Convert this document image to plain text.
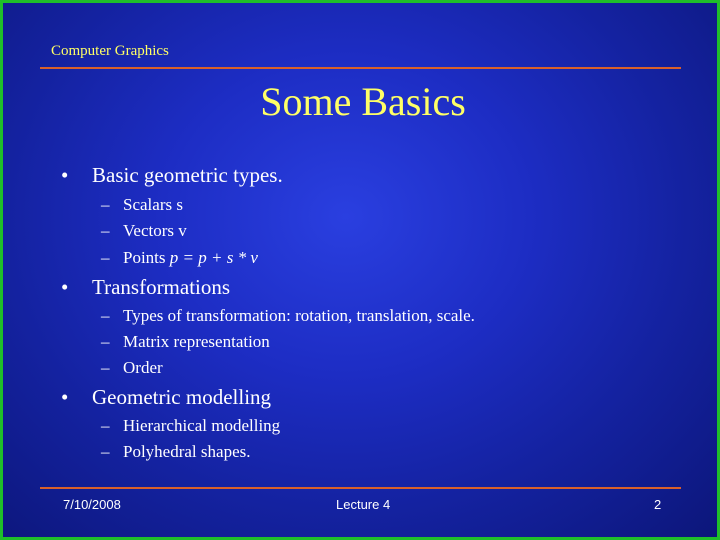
Computer Graphics
Some Basics
• Basic geometric types.
– Scalars s
– Vectors v
– Points p = p + s * v
• Transformations
– Types of transformation: rotation, translation, scale.
– Matrix representation
– Order
• Geometric modelling
– Hierarchical modelling
– Polyhedral shapes.
7/10/2008	Lecture 4	2
